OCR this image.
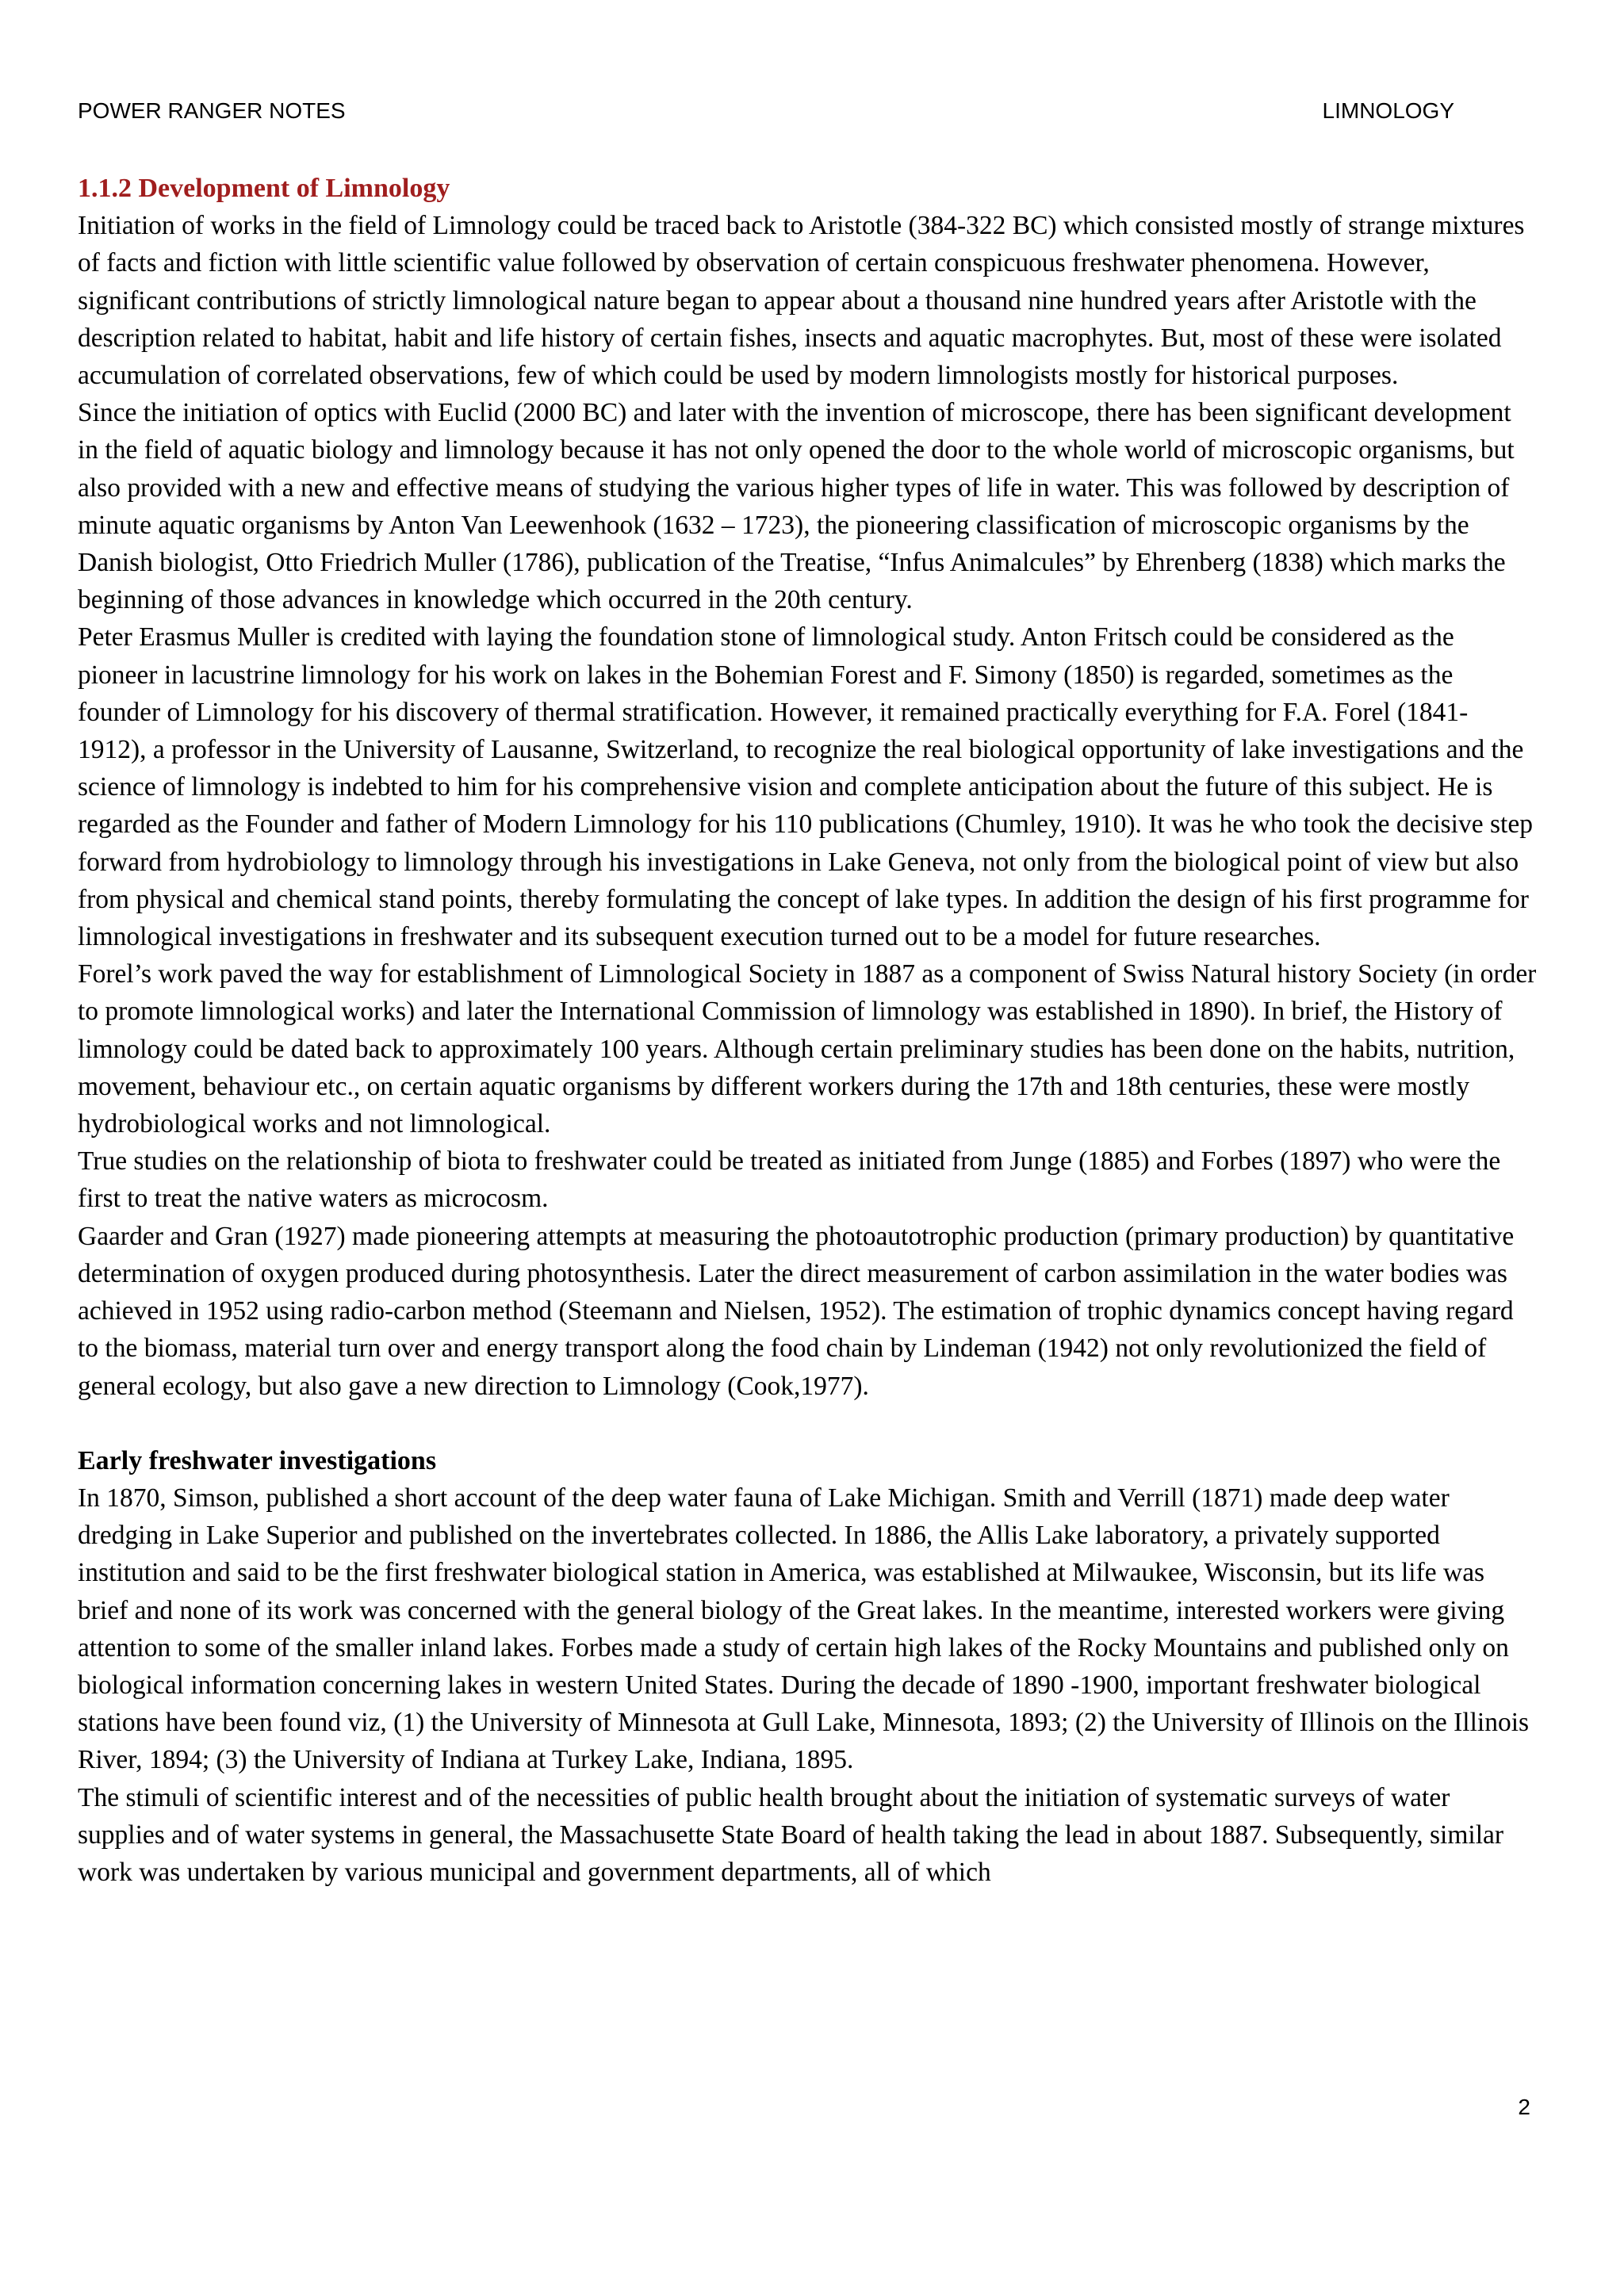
POWER RANGER NOTES	LIMNOLOGY
1.1.2 Development of Limnology

Initiation of works in the field of Limnology could be traced back to Aristotle (384-322 BC) which consisted mostly of strange mixtures of facts and fiction with little scientific value followed by observation of certain conspicuous freshwater phenomena. However, significant contributions of strictly limnological nature began to appear about a thousand nine hundred years after Aristotle with the description related to habitat, habit and life history of certain fishes, insects and aquatic macrophytes. But, most of these were isolated accumulation of correlated observations, few of which could be used by modern limnologists mostly for historical purposes.

Since the initiation of optics with Euclid (2000 BC) and later with the invention of microscope, there has been significant development in the field of aquatic biology and limnology because it has not only opened the door to the whole world of microscopic organisms, but also provided with a new and effective means of studying the various higher types of life in water. This was followed by description of minute aquatic organisms by Anton Van Leewenhook (1632 – 1723), the pioneering classification of microscopic organisms by the Danish biologist, Otto Friedrich Muller (1786), publication of the Treatise, “Infus Animalcules” by Ehrenberg (1838) which marks the beginning of those advances in knowledge which occurred in the 20th century.

Peter Erasmus Muller is credited with laying the foundation stone of limnological study. Anton Fritsch could be considered as the pioneer in lacustrine limnology for his work on lakes in the Bohemian Forest and F. Simony (1850) is regarded, sometimes as the founder of Limnology for his discovery of thermal stratification. However, it remained practically everything for F.A. Forel (1841- 1912), a professor in the University of Lausanne, Switzerland, to recognize the real biological opportunity of lake investigations and the science of limnology is indebted to him for his comprehensive vision and complete anticipation about the future of this subject. He is regarded as the Founder and father of Modern Limnology for his 110 publications (Chumley, 1910). It was he who took the decisive step forward from hydrobiology to limnology through his investigations in Lake Geneva, not only from the biological point of view but also from physical and chemical stand points, thereby formulating the concept of lake types. In addition the design of his first programme for limnological investigations in freshwater and its subsequent execution turned out to be a model for future researches.

Forel’s work paved the way for establishment of Limnological Society in 1887 as a component of Swiss Natural history Society (in order to promote limnological works) and later the International Commission of limnology was established in 1890). In brief, the History of limnology could be dated back to approximately 100 years. Although certain preliminary studies has been done on the habits, nutrition, movement, behaviour etc., on certain aquatic organisms by different workers during the 17th and 18th centuries, these were mostly hydrobiological works and not limnological.

True studies on the relationship of biota to freshwater could be treated as initiated from Junge (1885) and Forbes (1897) who were the first to treat the native waters as microcosm.

Gaarder and Gran (1927) made pioneering attempts at measuring the photoautotrophic production (primary production) by quantitative determination of oxygen produced during photosynthesis. Later the direct measurement of carbon assimilation in the water bodies was achieved in 1952 using radio-carbon method (Steemann and Nielsen, 1952). The estimation of trophic dynamics concept having regard to the biomass, material turn over and energy transport along the food chain by Lindeman (1942) not only revolutionized the field of general ecology, but also gave a new direction to Limnology (Cook,1977).

Early freshwater investigations

In 1870, Simson, published a short account of the deep water fauna of Lake Michigan. Smith and Verrill (1871) made deep water dredging in Lake Superior and published on the invertebrates collected. In 1886, the Allis Lake laboratory, a privately supported institution and said to be the first freshwater biological station in America, was established at Milwaukee, Wisconsin, but its life was brief and none of its work was concerned with the general biology of the Great lakes. In the meantime, interested workers were giving attention to some of the smaller inland lakes. Forbes made a study of certain high lakes of the Rocky Mountains and published only on biological information concerning lakes in western United States. During the decade of 1890 -1900, important freshwater biological stations have been found viz, (1) the University of Minnesota at Gull Lake, Minnesota, 1893; (2) the University of Illinois on the Illinois River, 1894; (3) the University of Indiana at Turkey Lake, Indiana, 1895.

The stimuli of scientific interest and of the necessities of public health brought about the initiation of systematic surveys of water supplies and of water systems in general, the Massachusette State Board of health taking the lead in about 1887. Subsequently, similar work was undertaken by various municipal and government departments, all of which

2
